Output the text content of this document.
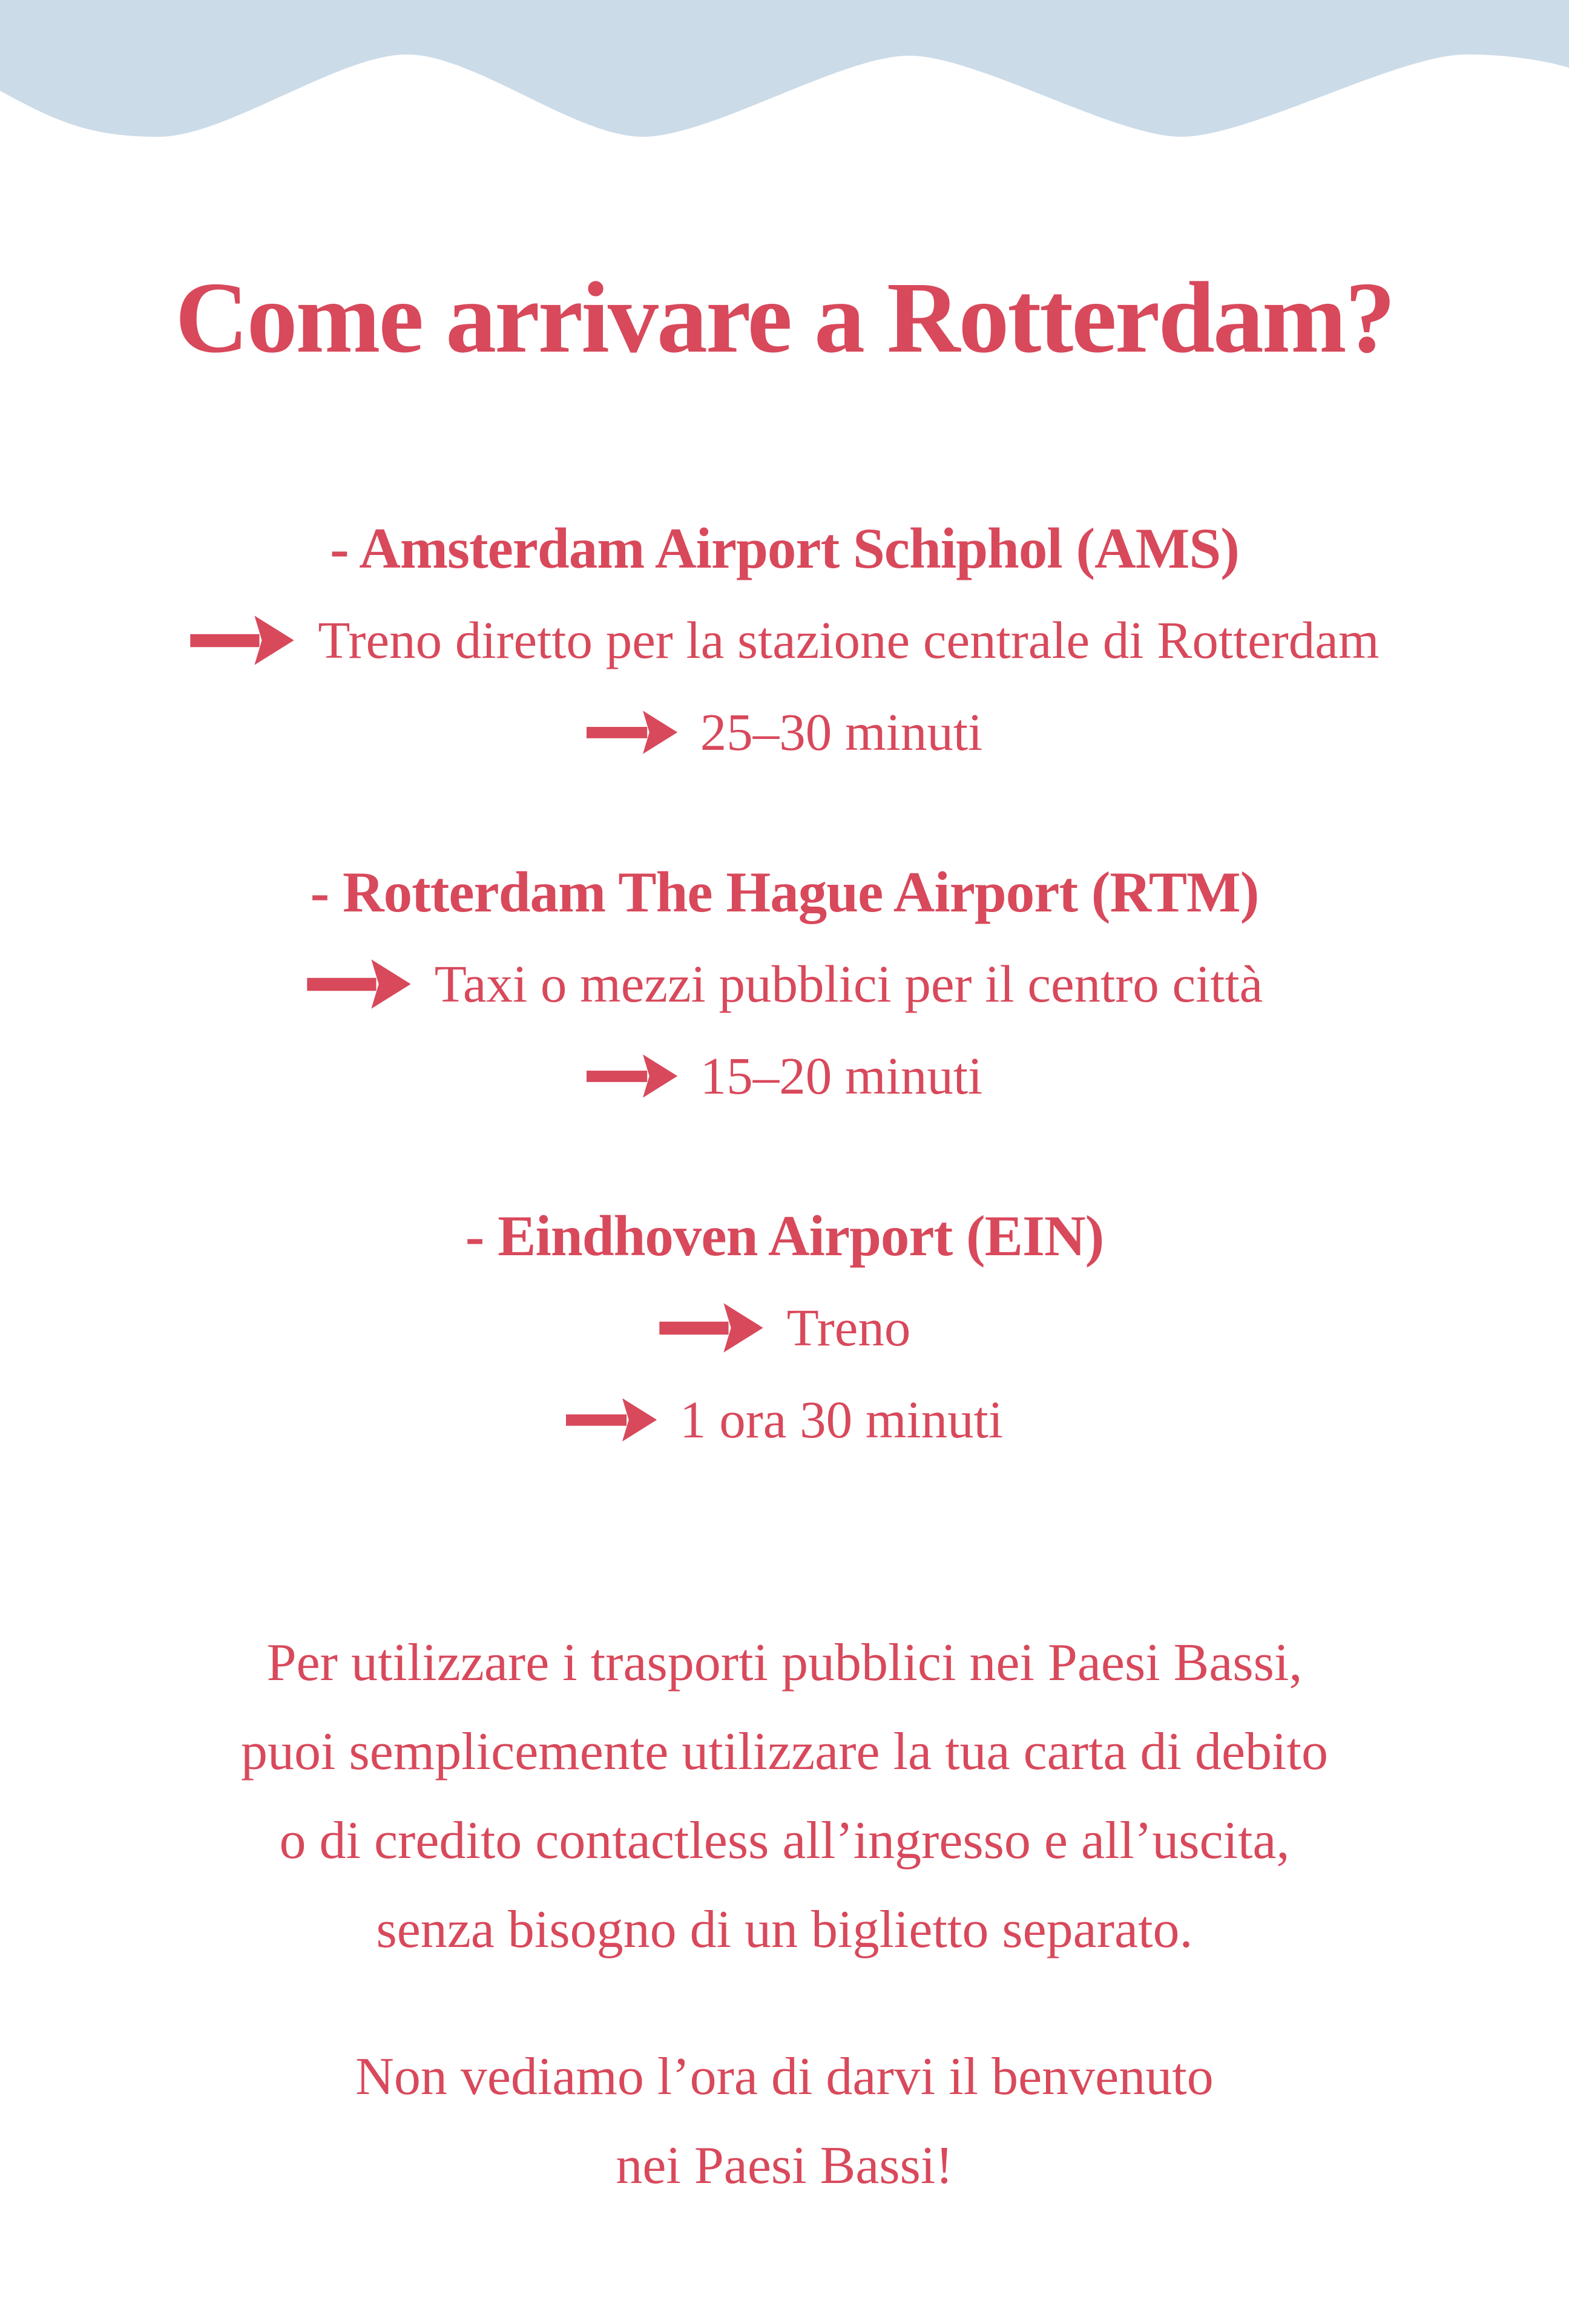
Come arrivare a Rotterdam?
- Amsterdam Airport Schiphol (AMS)
Treno diretto per la stazione centrale di Rotterdam
25–30 minuti
- Rotterdam The Hague Airport (RTM)
Taxi o mezzi pubblici per il centro città
15–20 minuti
- Eindhoven Airport (EIN)
Treno
1 ora 30 minuti
Per utilizzare i trasporti pubblici nei Paesi Bassi,
puoi semplicemente utilizzare la tua carta di debito
o di credito contactless all’ingresso e all’uscita,
senza bisogno di un biglietto separato.
Non vediamo l’ora di darvi il benvenuto
nei Paesi Bassi!
